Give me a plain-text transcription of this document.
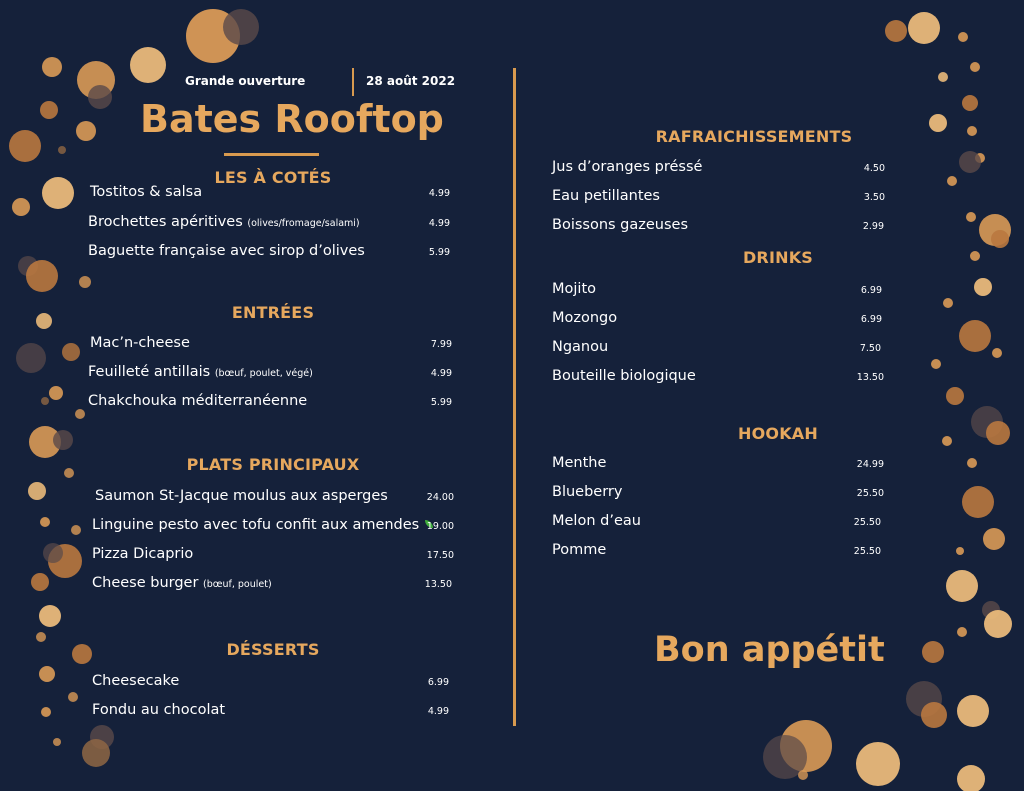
Grande ouverture	28 août 2022
Bates Rooftop
LES À COTÉS
Tostitos & salsa	4.99
Brochettes apéritives (olives/fromage/salami)	4.99
Baguette française avec sirop d’olives	5.99
ENTRÉES
Mac’n-cheese	7.99
Feuilleté antillais (bœuf, poulet, végé)	4.99
Chakchouka méditerranéenne	5.99
PLATS PRINCIPAUX
Saumon St-Jacque moulus aux asperges	24.00
Linguine pesto avec tofu confit aux amendes 19.00
Pizza Dicaprio	17.50
Cheese burger (bœuf, poulet)	13.50
DÉSSERTS
Cheesecake	6.99
Fondu au chocolat	4.99
RAFRAICHISSEMENTS
Jus d’oranges préssé	4.50
Eau petillantes	3.50
Boissons gazeuses	2.99
DRINKS
Mojito	6.99
Mozongo	6.99
Nganou	7.50
Bouteille biologique	13.50
HOOKAH
Menthe	24.99
Blueberry	25.50
Melon d’eau	25.50
Pomme	25.50
Bon appétit
